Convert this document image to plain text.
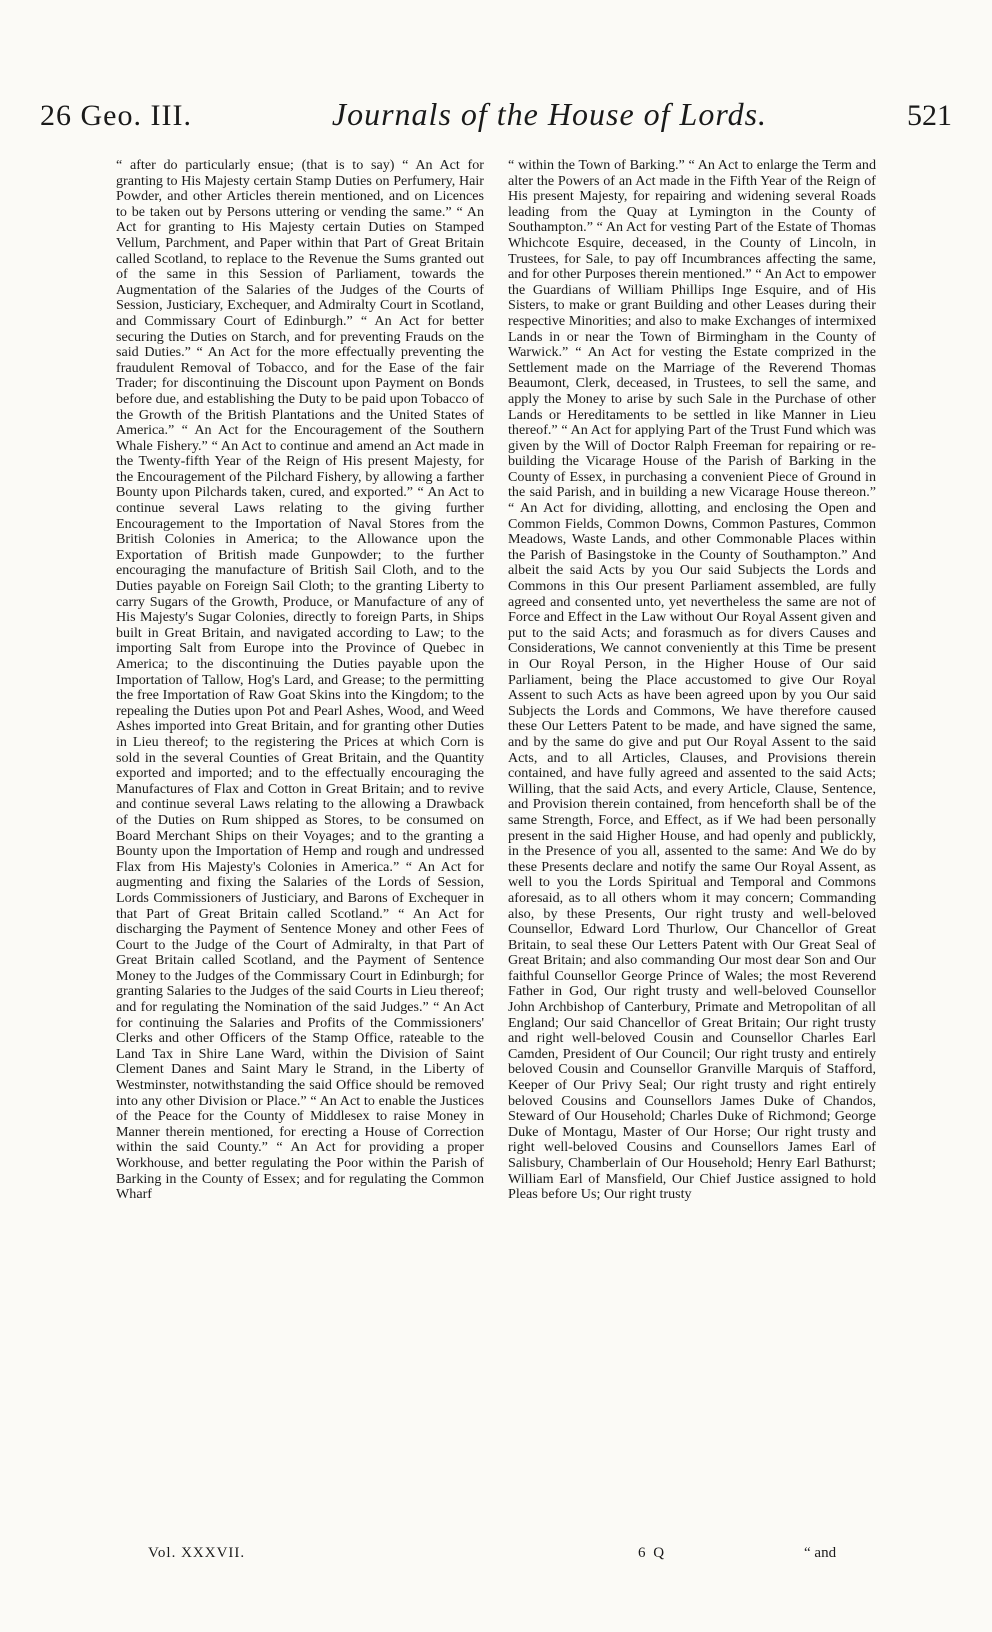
26 Geo. III.	Journals of the House of Lords.	521

“ after do particularly ensue; (that is to say) “ An Act for granting to His Majesty certain Stamp Duties on Perfumery, Hair Powder, and other Articles therein mentioned, and on Licences to be taken out by Persons uttering or vending the same.” “ An Act for granting to His Majesty certain Duties on Stamped Vellum, Parchment, and Paper within that Part of Great Britain called Scotland, to replace to the Revenue the Sums granted out of the same in this Session of Parliament, towards the Augmentation of the Salaries of the Judges of the Courts of Session, Justiciary, Exchequer, and Admiralty Court in Scotland, and Commissary Court of Edinburgh.” “ An Act for better securing the Duties on Starch, and for preventing Frauds on the said Duties.” “ An Act for the more effectually preventing the fraudulent Removal of Tobacco, and for the Ease of the fair Trader; for discontinuing the Discount upon Payment on Bonds before due, and establishing the Duty to be paid upon Tobacco of the Growth of the British Plantations and the United States of America.” “ An Act for the Encouragement of the Southern Whale Fishery.” “ An Act to continue and amend an Act made in the Twenty-fifth Year of the Reign of His present Majesty, for the Encouragement of the Pilchard Fishery, by allowing a farther Bounty upon Pilchards taken, cured, and exported.” “ An Act to continue several Laws relating to the giving further Encouragement to the Importation of Naval Stores from the British Colonies in America; to the Allowance upon the Exportation of British made Gunpowder; to the further encouraging the manufacture of British Sail Cloth, and to the Duties payable on Foreign Sail Cloth; to the granting Liberty to carry Sugars of the Growth, Produce, or Manufacture of any of His Majesty's Sugar Colonies, directly to foreign Parts, in Ships built in Great Britain, and navigated according to Law; to the importing Salt from Europe into the Province of Quebec in America; to the discontinuing the Duties payable upon the Importation of Tallow, Hog's Lard, and Grease; to the permitting the free Importation of Raw Goat Skins into the Kingdom; to the repealing the Duties upon Pot and Pearl Ashes, Wood, and Weed Ashes imported into Great Britain, and for granting other Duties in Lieu thereof; to the registering the Prices at which Corn is sold in the several Counties of Great Britain, and the Quantity exported and imported; and to the effectually encouraging the Manufactures of Flax and Cotton in Great Britain; and to revive and continue several Laws relating to the allowing a Drawback of the Duties on Rum shipped as Stores, to be consumed on Board Merchant Ships on their Voyages; and to the granting a Bounty upon the Importation of Hemp and rough and undressed Flax from His Majesty's Colonies in America.” “ An Act for augmenting and fixing the Salaries of the Lords of Session, Lords Commissioners of Justiciary, and Barons of Exchequer in that Part of Great Britain called Scotland.” “ An Act for discharging the Payment of Sentence Money and other Fees of Court to the Judge of the Court of Admiralty, in that Part of Great Britain called Scotland, and the Payment of Sentence Money to the Judges of the Commissary Court in Edinburgh; for granting Salaries to the Judges of the said Courts in Lieu thereof; and for regulating the Nomination of the said Judges.” “ An Act for continuing the Salaries and Profits of the Commissioners' Clerks and other Officers of the Stamp Office, rateable to the Land Tax in Shire Lane Ward, within the Division of Saint Clement Danes and Saint Mary le Strand, in the Liberty of Westminster, notwithstanding the said Office should be removed into any other Division or Place.” “ An Act to enable the Justices of the Peace for the County of Middlesex to raise Money in Manner therein mentioned, for erecting a House of Correction within the said County.” “ An Act for providing a proper Workhouse, and better regulating the Poor within the Parish of Barking in the County of Essex; and for regulating the Common Wharf

“ within the Town of Barking.” “ An Act to enlarge the Term and alter the Powers of an Act made in the Fifth Year of the Reign of His present Majesty, for repairing and widening several Roads leading from the Quay at Lymington in the County of Southampton.” “ An Act for vesting Part of the Estate of Thomas Whichcote Esquire, deceased, in the County of Lincoln, in Trustees, for Sale, to pay off Incumbrances affecting the same, and for other Purposes therein mentioned.” “ An Act to empower the Guardians of William Phillips Inge Esquire, and of His Sisters, to make or grant Building and other Leases during their respective Minorities; and also to make Exchanges of intermixed Lands in or near the Town of Birmingham in the County of Warwick.” “ An Act for vesting the Estate comprized in the Settlement made on the Marriage of the Reverend Thomas Beaumont, Clerk, deceased, in Trustees, to sell the same, and apply the Money to arise by such Sale in the Purchase of other Lands or Hereditaments to be settled in like Manner in Lieu thereof.” “ An Act for applying Part of the Trust Fund which was given by the Will of Doctor Ralph Freeman for repairing or re-building the Vicarage House of the Parish of Barking in the County of Essex, in purchasing a convenient Piece of Ground in the said Parish, and in building a new Vicarage House thereon.” “ An Act for dividing, allotting, and enclosing the Open and Common Fields, Common Downs, Common Pastures, Common Meadows, Waste Lands, and other Commonable Places within the Parish of Basingstoke in the County of Southampton.” And albeit the said Acts by you Our said Subjects the Lords and Commons in this Our present Parliament assembled, are fully agreed and consented unto, yet nevertheless the same are not of Force and Effect in the Law without Our Royal Assent given and put to the said Acts; and forasmuch as for divers Causes and Considerations, We cannot conveniently at this Time be present in Our Royal Person, in the Higher House of Our said Parliament, being the Place accustomed to give Our Royal Assent to such Acts as have been agreed upon by you Our said Subjects the Lords and Commons, We have therefore caused these Our Letters Patent to be made, and have signed the same, and by the same do give and put Our Royal Assent to the said Acts, and to all Articles, Clauses, and Provisions therein contained, and have fully agreed and assented to the said Acts; Willing, that the said Acts, and every Article, Clause, Sentence, and Provision therein contained, from henceforth shall be of the same Strength, Force, and Effect, as if We had been personally present in the said Higher House, and had openly and publickly, in the Presence of you all, assented to the same: And We do by these Presents declare and notify the same Our Royal Assent, as well to you the Lords Spiritual and Temporal and Commons aforesaid, as to all others whom it may concern; Commanding also, by these Presents, Our right trusty and well-beloved Counsellor, Edward Lord Thurlow, Our Chancellor of Great Britain, to seal these Our Letters Patent with Our Great Seal of Great Britain; and also commanding Our most dear Son and Our faithful Counsellor George Prince of Wales; the most Reverend Father in God, Our right trusty and well-beloved Counsellor John Archbishop of Canterbury, Primate and Metropolitan of all England; Our said Chancellor of Great Britain; Our right trusty and right well-beloved Cousin and Counsellor Charles Earl Camden, President of Our Council; Our right trusty and entirely beloved Cousin and Counsellor Granville Marquis of Stafford, Keeper of Our Privy Seal; Our right trusty and right entirely beloved Cousins and Counsellors James Duke of Chandos, Steward of Our Household; Charles Duke of Richmond; George Duke of Montagu, Master of Our Horse; Our right trusty and right well-beloved Cousins and Counsellors James Earl of Salisbury, Chamberlain of Our Household; Henry Earl Bathurst; William Earl of Mansfield, Our Chief Justice assigned to hold Pleas before Us; Our right trusty

Vol. XXXVII.	6 Q	“ and
